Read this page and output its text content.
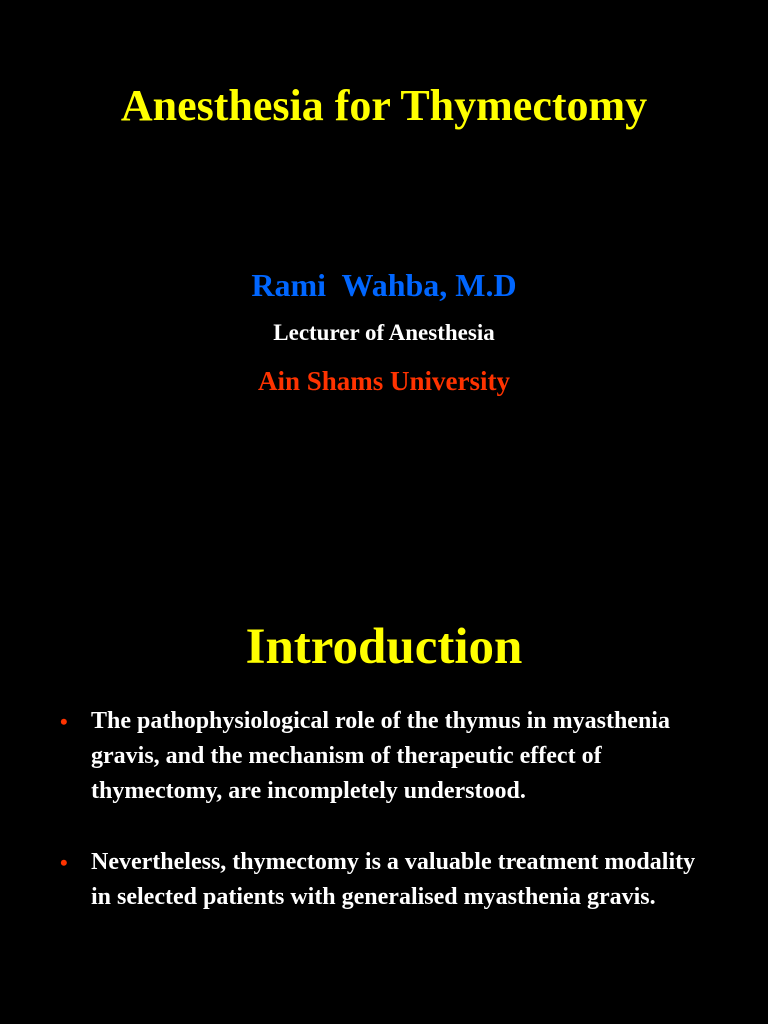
Anesthesia for Thymectomy
Rami  Wahba, M.D
Lecturer of Anesthesia
Ain Shams University
Introduction
• The pathophysiological role of the thymus in myasthenia gravis, and the mechanism of therapeutic effect of thymectomy, are incompletely understood.
• Nevertheless, thymectomy is a valuable treatment modality in selected patients with generalised myasthenia gravis.
